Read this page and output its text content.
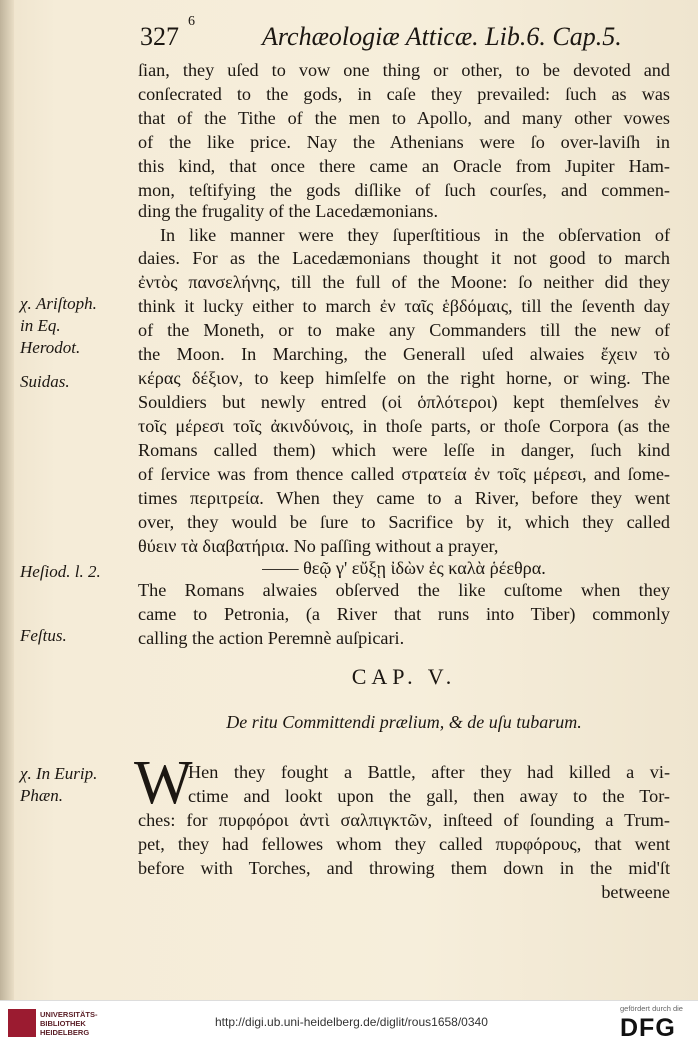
327
6
Archæologiæ Atticæ. Lib.6. Cap.5.
ſian, they uſed to vow one thing or other, to be devoted and
conſecrated to the gods, in caſe they prevailed: ſuch as was
that of the Tithe of the men to Apollo, and many other vowes
of the like price. Nay the Athenians were ſo over-laviſh in
this kind, that once there came an Oracle from Jupiter Ham-
mon, teſtifying the gods diſlike of ſuch courſes, and commen-
ding the frugality of the Lacedæmonians.
In like manner were they ſuperſtitious in the obſervation of
daies. For as the Lacedæmonians thought it not good to march
ἐντὸς πανσελήνης, till the full of the Moone: ſo neither did they
think it lucky either to march ἐν ταῖς ἑβδόμαις, till the ſeventh day
of the Moneth, or to make any Commanders till the new of
the Moon. In Marching, the Generall uſed alwaies ἔχειν τὸ
κέρας δέξιον, to keep himſelfe on the right horne, or wing. The
Souldiers but newly entred (οἱ ὁπλότεροι) kept themſelves ἐν
τοῖς μέρεσι τοῖς ἀκινδύνοις, in thoſe parts, or thoſe Corpora (as the
Romans called them) which were leſſe in danger, ſuch kind
of ſervice was from thence called στρατεία ἐν τοῖς μέρεσι, and ſome-
times περιτρεία. When they came to a River, before they went
over, they would be ſure to Sacrifice by it, which they called
θύειν τὰ διαβατήρια. No paſſing without a prayer,
—— θεῷ γ' εὔξῃ ἰδὼν ἐς καλὰ ῥέεθρα.
The Romans alwaies obſerved the like cuſtome when they
came to Petronia, (a River that runs into Tiber) commonly
calling the action Peremnè auſpicari.
χ. Ariſtoph.
in Eq.
Herodot.
Suidas.
Heſiod. l. 2.
Feſtus.
CAP. V.
De ritu Committendi prælium, & de uſu tubarum.
χ. In Eurip.
Phæn.	W
Hen they fought a Battle, after they had killed a vi-
ctime and lookt upon the gall, then away to the Tor-
ches: for πυρφόροι ἀντὶ σαλπιγκτῶν, inſteed of ſounding a Trum-
pet, they had fellowes whom they called πυρφόρους, that went
before with Torches, and throwing them down in the mid'ſt
betweene
UNIVERSITÄTS-
BIBLIOTHEK
HEIDELBERG
http://digi.ub.uni-heidelberg.de/diglit/rous1658/0340
gefördert durch die
DFG
